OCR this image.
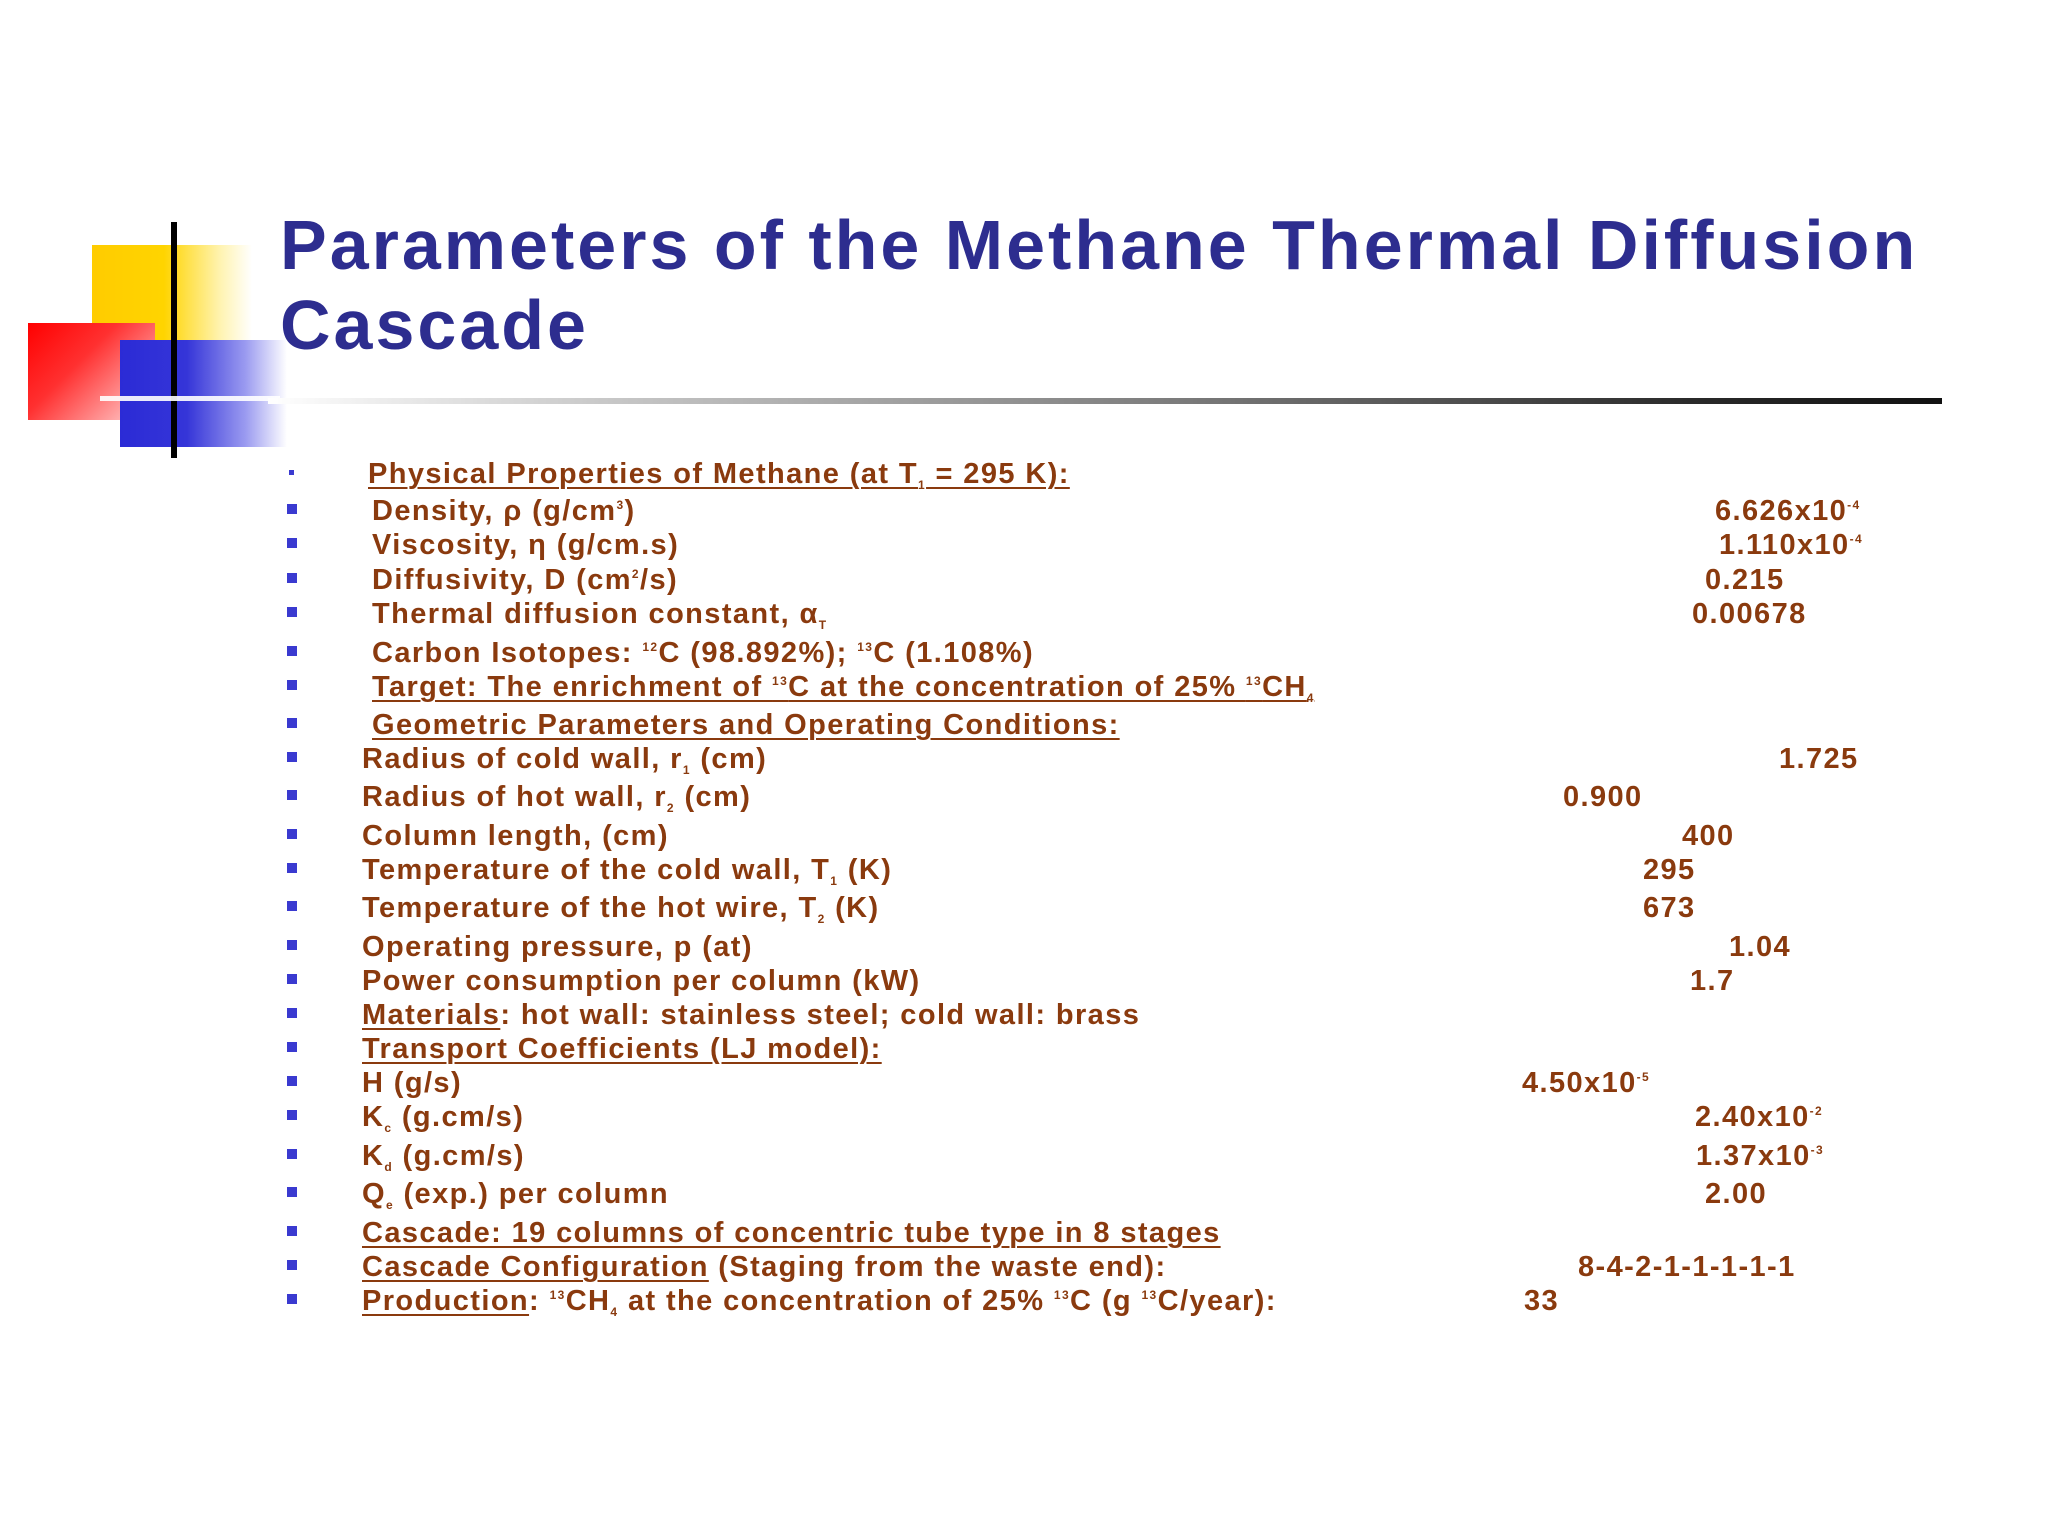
Parameters of the Methane Thermal Diffusion Cascade
Physical Properties of Methane (at $T_1 = 295$ K):
Density, ρ $(g/cm^3)$	$6.626x10^{-4}$
Viscosity, η (g/cm.s)	$1.110x10^{-4}$
Diffusivity, D $(cm^2/s)$	0.215
Thermal diffusion constant, $\alpha_T$	0.00678
Carbon Isotopes: $^{12}$C (98.892%); $^{13}$C (1.108%)
Target: The enrichment of $^{13}$C at the concentration of 25% $^{13}CH_4$
Geometric Parameters and Operating Conditions:
Radius of cold wall, $r_1$ (cm)	1.725
Radius of hot wall, $r_2$ (cm)	0.900
Column length, (cm)	400
Temperature of the cold wall, $T_1$ (K)	295
Temperature of the hot wire, $T_2$ (K)	673
Operating pressure, p (at)	1.04
Power consumption per column (kW)	1.7
Materials: hot wall: stainless steel; cold wall: brass
Transport Coefficients (LJ model):
H (g/s)	$4.50x10^{-5}$
$K_c$ (g.cm/s)	$2.40x10^{-2}$
$K_d$ (g.cm/s)	$1.37x10^{-3}$
$Q_e$ (exp.) per column	2.00
Cascade: 19 columns of concentric tube type in 8 stages
Cascade Configuration (Staging from the waste end):	8-4-2-1-1-1-1-1
Production: $^{13}CH_4$ at the concentration of 25% $^{13}$C (g $^{13}$C/year):	33
